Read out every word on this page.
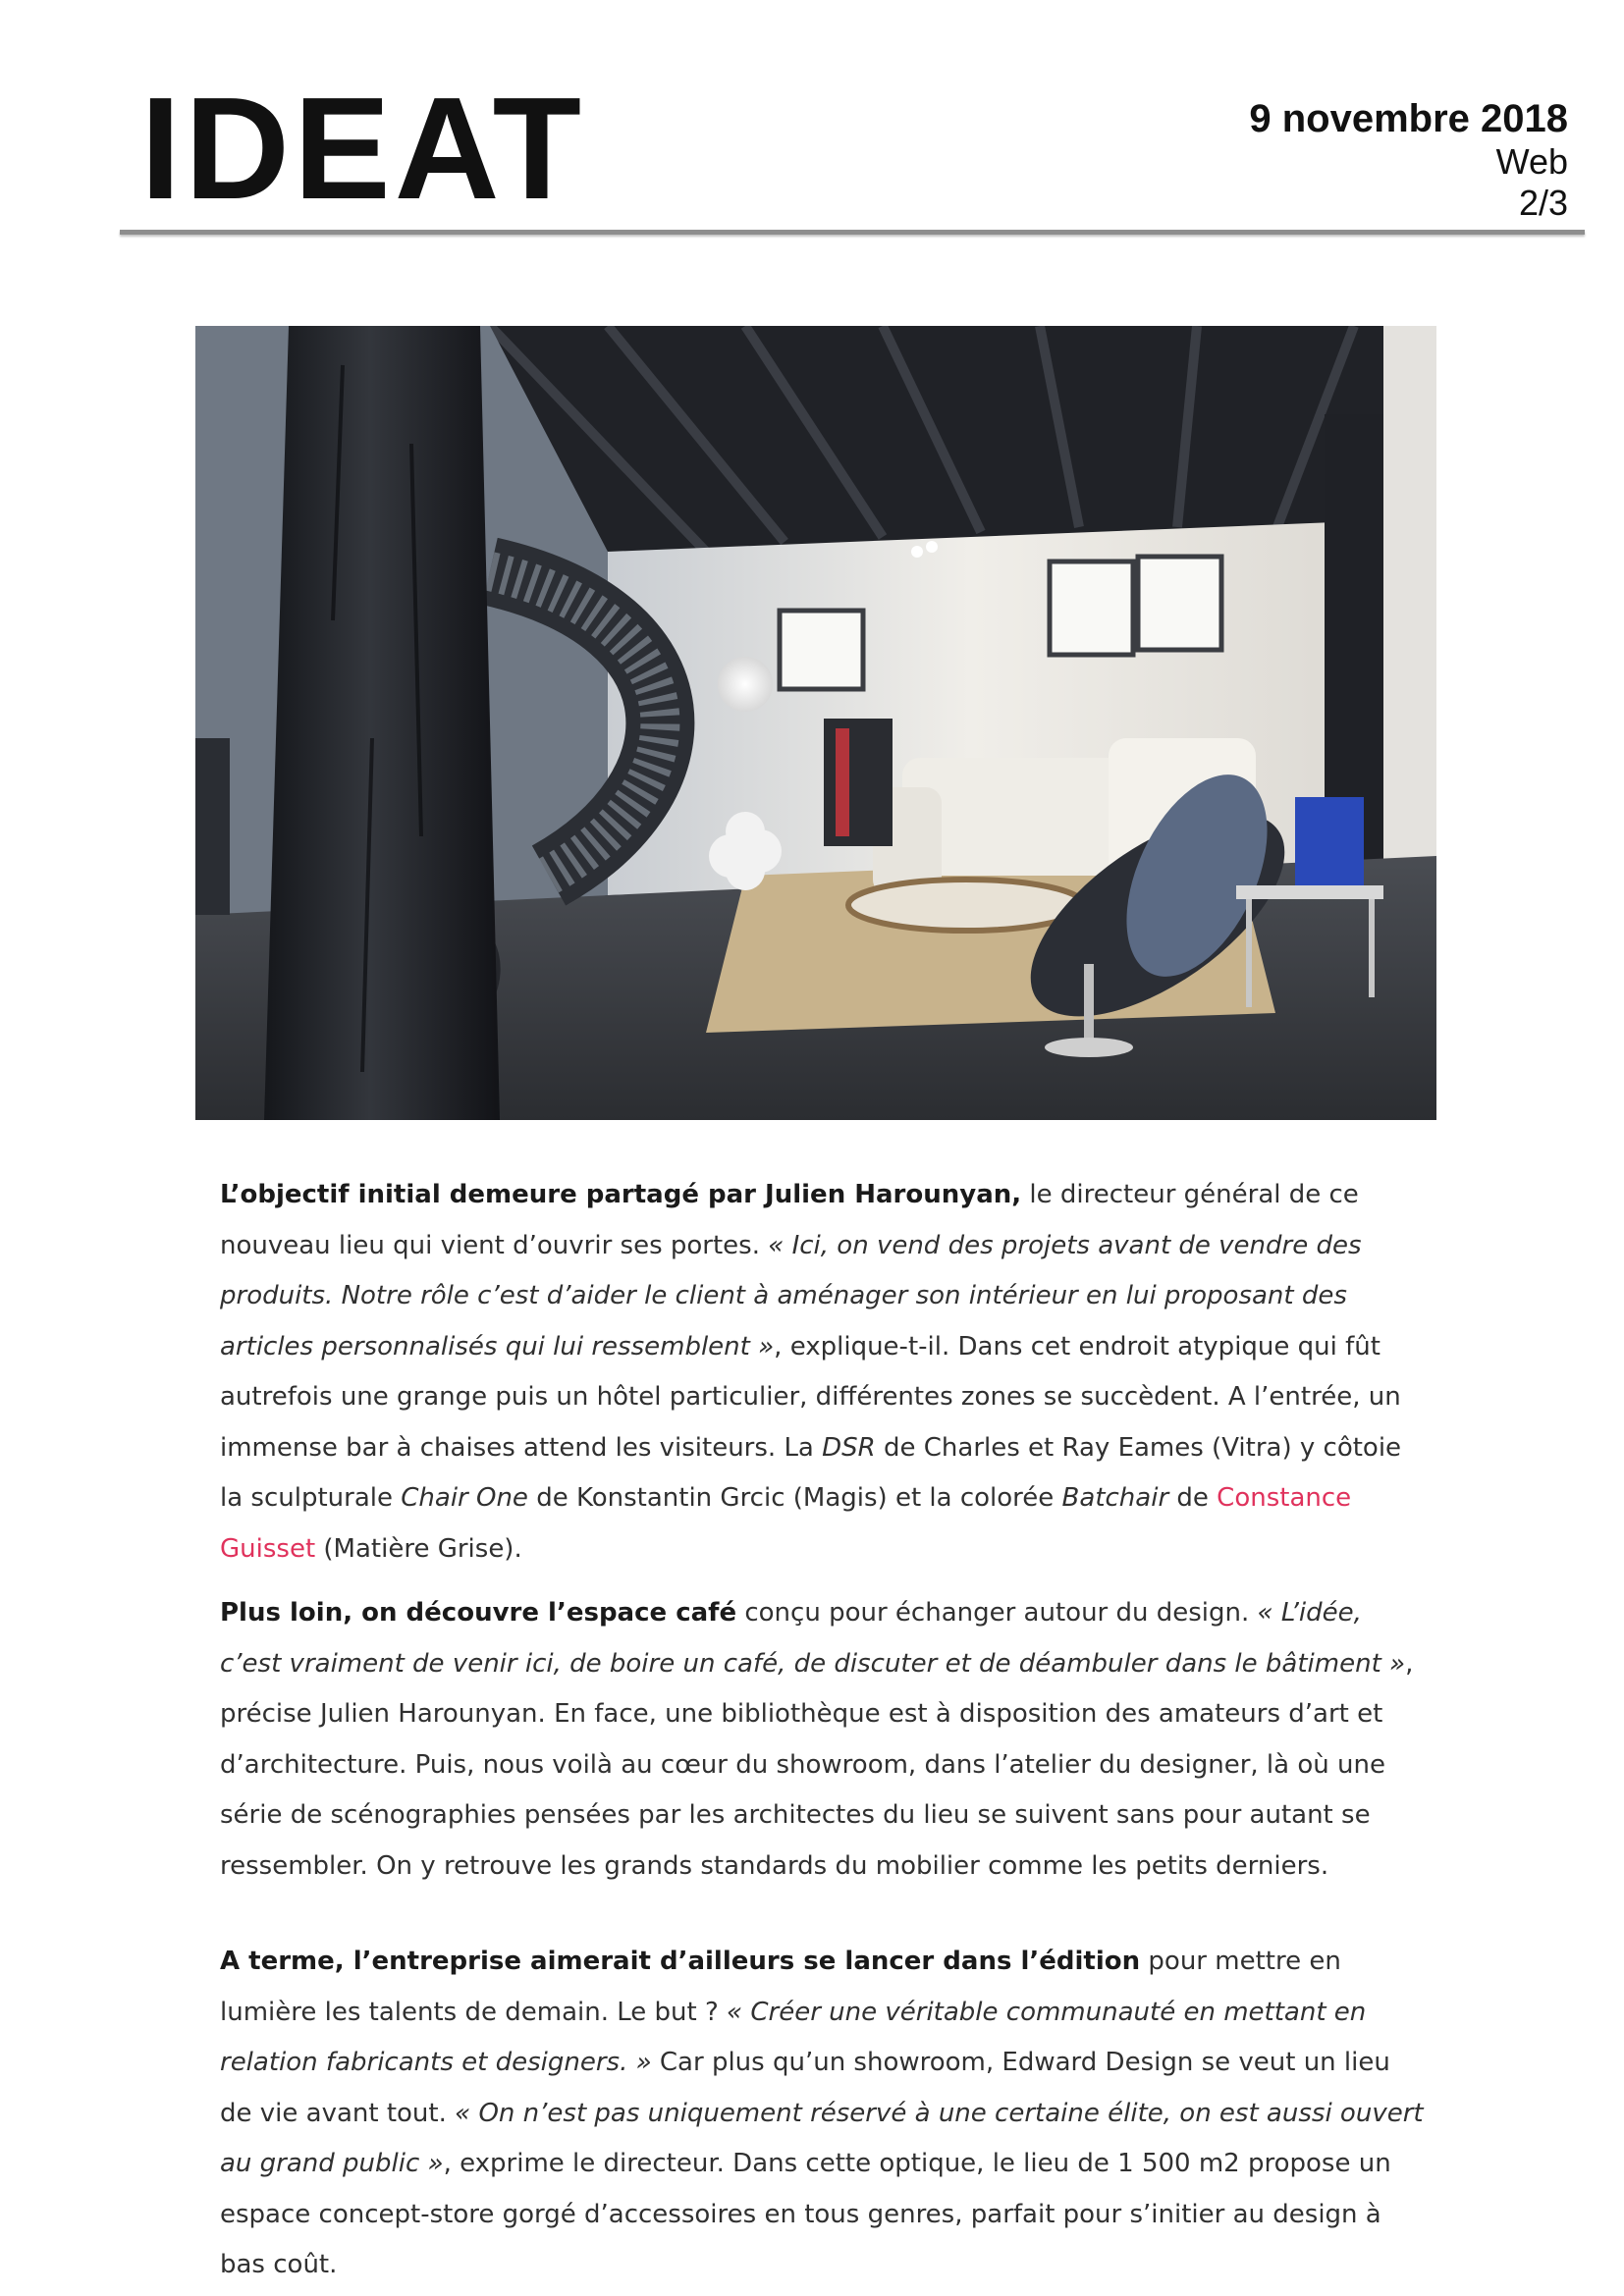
IDEAT	9 novembre 2018
Web
2/3

L’objectif initial demeure partagé par Julien Harounyan, le directeur général de ce nouveau lieu qui vient d’ouvrir ses portes. « Ici, on vend des projets avant de vendre des produits. Notre rôle c’est d’aider le client à aménager son intérieur en lui proposant des articles personnalisés qui lui ressemblent », explique-t-il. Dans cet endroit atypique qui fût autrefois une grange puis un hôtel particulier, différentes zones se succèdent. A l’entrée, un immense bar à chaises attend les visiteurs. La DSR de Charles et Ray Eames (Vitra) y côtoie la sculpturale Chair One de Konstantin Grcic (Magis) et la colorée Batchair de Constance Guisset (Matière Grise).

Plus loin, on découvre l’espace café conçu pour échanger autour du design. « L’idée, c’est vraiment de venir ici, de boire un café, de discuter et de déambuler dans le bâtiment », précise Julien Harounyan. En face, une bibliothèque est à disposition des amateurs d’art et d’architecture. Puis, nous voilà au cœur du showroom, dans l’atelier du designer, là où une série de scénographies pensées par les architectes du lieu se suivent sans pour autant se ressembler. On y retrouve les grands standards du mobilier comme les petits derniers.

A terme, l’entreprise aimerait d’ailleurs se lancer dans l’édition pour mettre en lumière les talents de demain. Le but ? « Créer une véritable communauté en mettant en relation fabricants et designers. » Car plus qu’un showroom, Edward Design se veut un lieu de vie avant tout. « On n’est pas uniquement réservé à une certaine élite, on est aussi ouvert au grand public », exprime le directeur. Dans cette optique, le lieu de 1 500 m2 propose un espace concept-store gorgé d’accessoires en tous genres, parfait pour s’initier au design à bas coût.
